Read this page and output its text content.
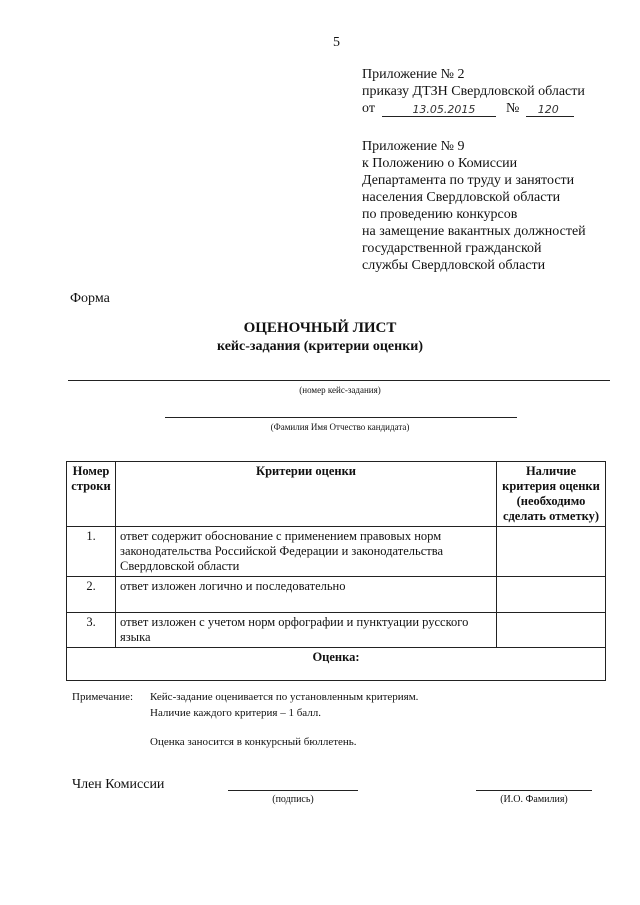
5
Приложение № 2
приказу ДТЗН Свердловской области
от	13.05.2015 № 120
Приложение № 9
к Положению о Комиссии
Департамента по труду и занятости
населения Свердловской области
по проведению конкурсов
на замещение вакантных должностей
государственной гражданской
службы Свердловской области
Форма
ОЦЕНОЧНЫЙ ЛИСТ
кейс-задания (критерии оценки)
(номер кейс-задания)
(Фамилия Имя Отчество кандидата)
Номер строки	Критерии оценки	Наличие критерия оценки (необходимо сделать отметку)
1.	ответ содержит обоснование с применением правовых норм законодательства Российской Федерации и законодательства Свердловской области	
2.	ответ изложен логично и последовательно	
3.	ответ изложен с учетом норм орфографии и пунктуации русского языка	
Оценка:		
Примечание: Кейс-задание оценивается по установленным критериям.
Наличие каждого критерия – 1 балл.
Оценка заносится в конкурсный бюллетень.
Член Комиссии
(подпись)	(И.О. Фамилия)
